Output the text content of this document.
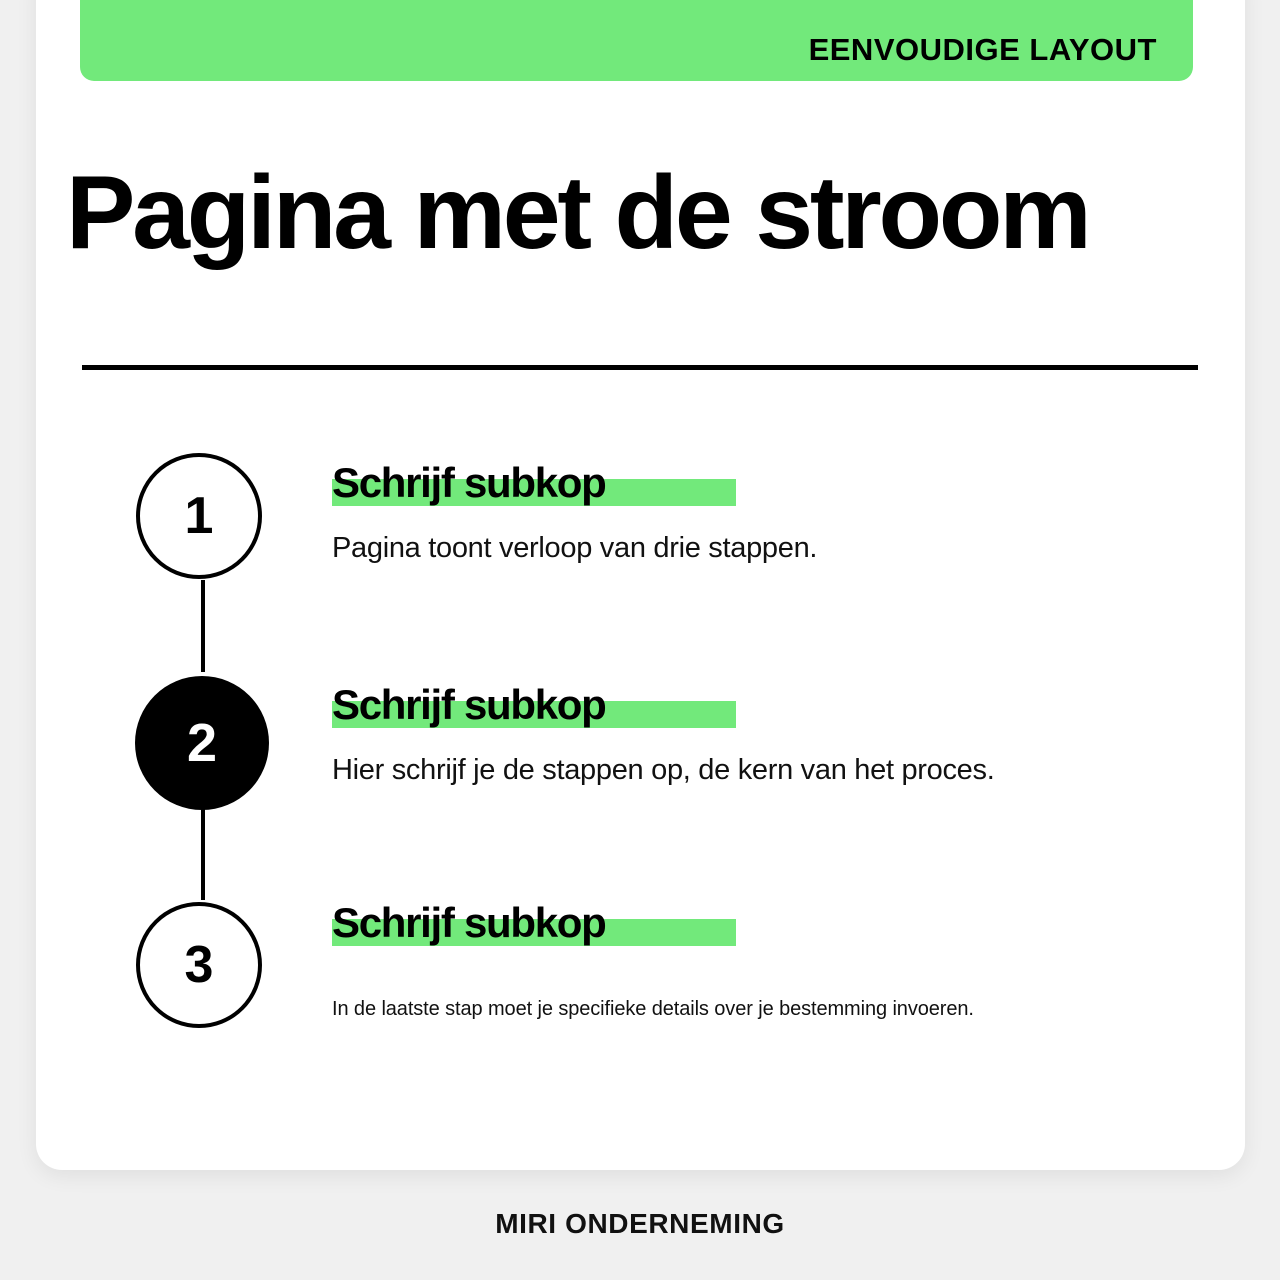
EENVOUDIGE LAYOUT
Pagina met de stroom
1
2
3
Schrijf subkop
Pagina toont verloop van drie stappen.
Schrijf subkop
Hier schrijf je de stappen op, de kern van het proces.
Schrijf subkop
In de laatste stap moet je specifieke details over je bestemming invoeren.
MIRI ONDERNEMING
